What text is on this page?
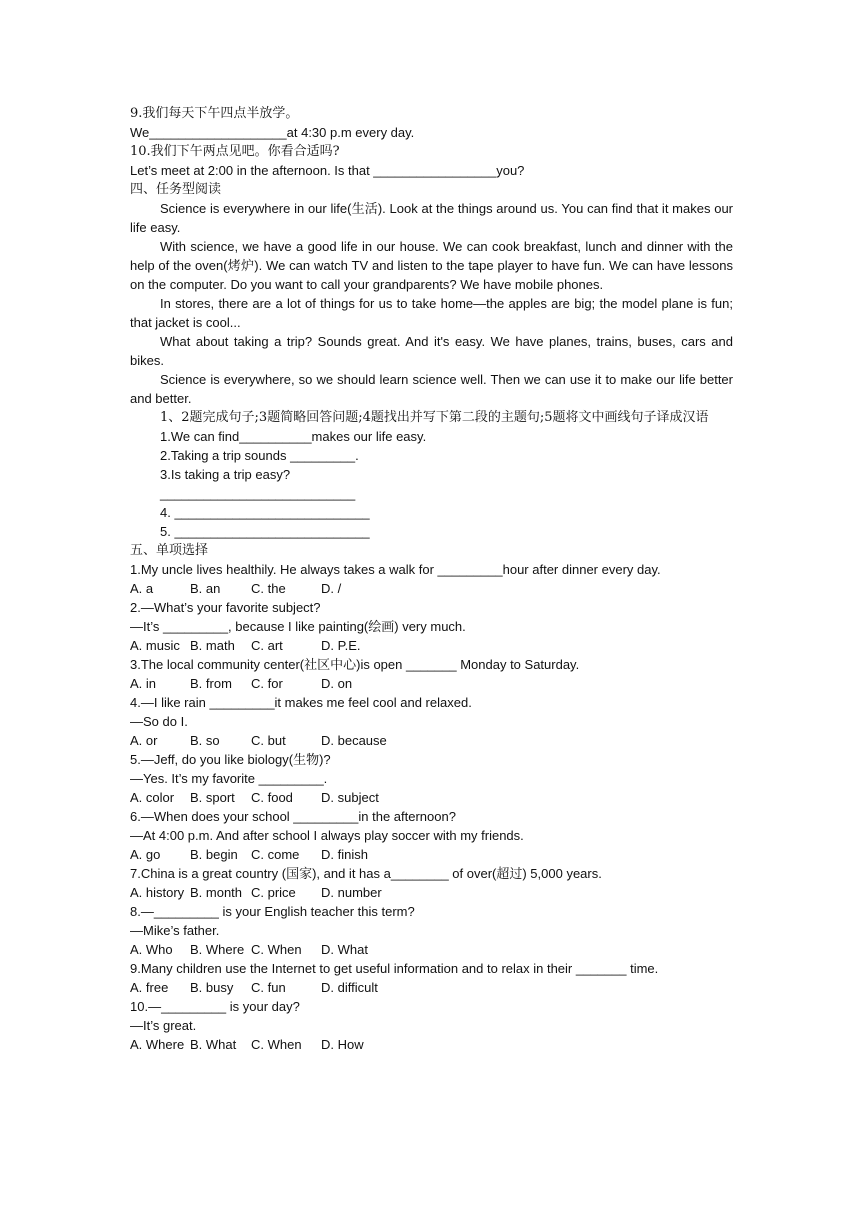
9.我们每天下午四点半放学。
We___________________at 4:30 p.m every day.
10.我们下午两点见吧。你看合适吗?
Let’s meet at 2:00 in the afternoon. Is that _________________you?
四、任务型阅读

Science is everywhere in our life(生活). Look at the things around us. You can find that it makes our life easy.

With science, we have a good life in our house. We can cook breakfast, lunch and dinner with the help of the oven(烤炉). We can watch TV and listen to the tape player to have fun. We can have lessons on the computer. Do you want to call your grandparents? We have mobile phones.

In stores, there are a lot of things for us to take home—the apples are big; the model plane is fun; that jacket is cool...

What about taking a trip? Sounds great. And it's easy. We have planes, trains, buses, cars and bikes.

Science is everywhere, so we should learn science well. Then we can use it to make our life better and better.

1、2题完成句子;3题简略回答问题;4题找出并写下第二段的主题句;5题将文中画线句子译成汉语

1.We can find__________makes our life easy.
2.Taking a trip sounds _________.
3.Is taking a trip easy?
___________________________
4. ___________________________
5. ___________________________
五、单项选择
1.My uncle lives healthily. He always takes a walk for _________hour after dinner every day.
A. a	B. an C. the	D. /
2.—What’s your favorite subject?
—It’s _________, because I like painting(绘画) very much.
A. music B. math C. art	D. P.E.
3.The local community center(社区中心)is open _______ Monday to Saturday.
A. in	B. from C. for	D. on
4.—I like rain _________it makes me feel cool and relaxed.
—So do I.
A. or	B. so C. but	D. because
5.—Jeff, do you like biology(生物)?
—Yes. It’s my favorite _________.
A. color B. sport C. food D. subject
6.—When does your school _________in the afternoon?
—At 4:00 p.m. And after school I always play soccer with my friends.
A. go B. begin C. come D. finish
7.China is a great country (国家), and it has a________ of over(超过) 5,000 years.
A. history B. month C. price D. number
8.—_________ is your English teacher this term?
—Mike’s father.
A. Who B. Where C. When D. What
9.Many children use the Internet to get useful information and to relax in their _______ time.
A. free B. busy C. fun	D. difficult
10.—_________ is your day?
—It’s great.
A. Where B. What C. When D. How
